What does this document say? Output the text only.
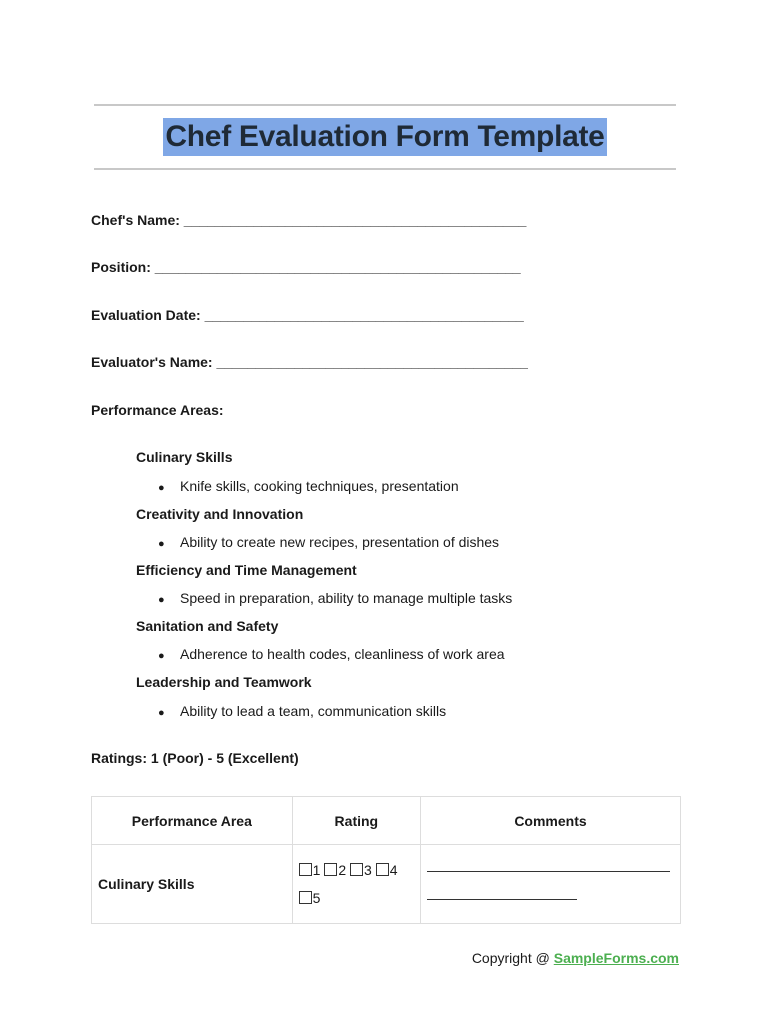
Chef Evaluation Form Template
Chef's Name: ____________________________________________
Position: _______________________________________________
Evaluation Date: _________________________________________
Evaluator's Name: ________________________________________
Performance Areas:
Culinary Skills
● Knife skills, cooking techniques, presentation
Creativity and Innovation
● Ability to create new recipes, presentation of dishes
Efficiency and Time Management
● Speed in preparation, ability to manage multiple tasks
Sanitation and Safety
● Adherence to health codes, cleanliness of work area
Leadership and Teamwork
● Ability to lead a team, communication skills
Ratings: 1 (Poor) - 5 (Excellent)
Performance Area	Rating	Comments
Culinary Skills	1 2 3 4
5	
Copyright @ SampleForms.com
